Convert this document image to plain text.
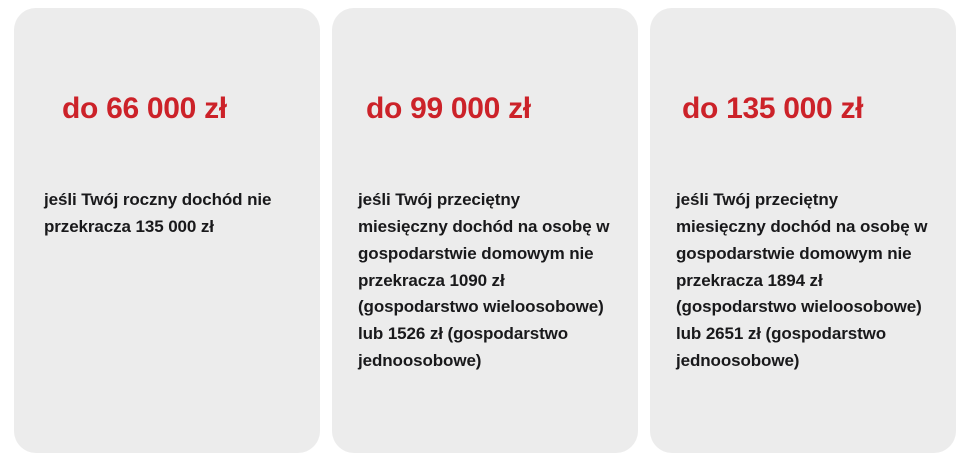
do 66 000 zł
jeśli Twój roczny dochód nie przekracza 135 000 zł
do 99 000 zł
jeśli Twój przeciętny miesięczny dochód na osobę w gospodarstwie domowym nie przekracza 1090 zł (gospodarstwo wieloosobowe) lub 1526 zł (gospodarstwo jednoosobowe)
do 135 000 zł
jeśli Twój przeciętny miesięczny dochód na osobę w gospodarstwie domowym nie przekracza 1894 zł (gospodarstwo wieloosobowe) lub 2651 zł (gospodarstwo jednoosobowe)
